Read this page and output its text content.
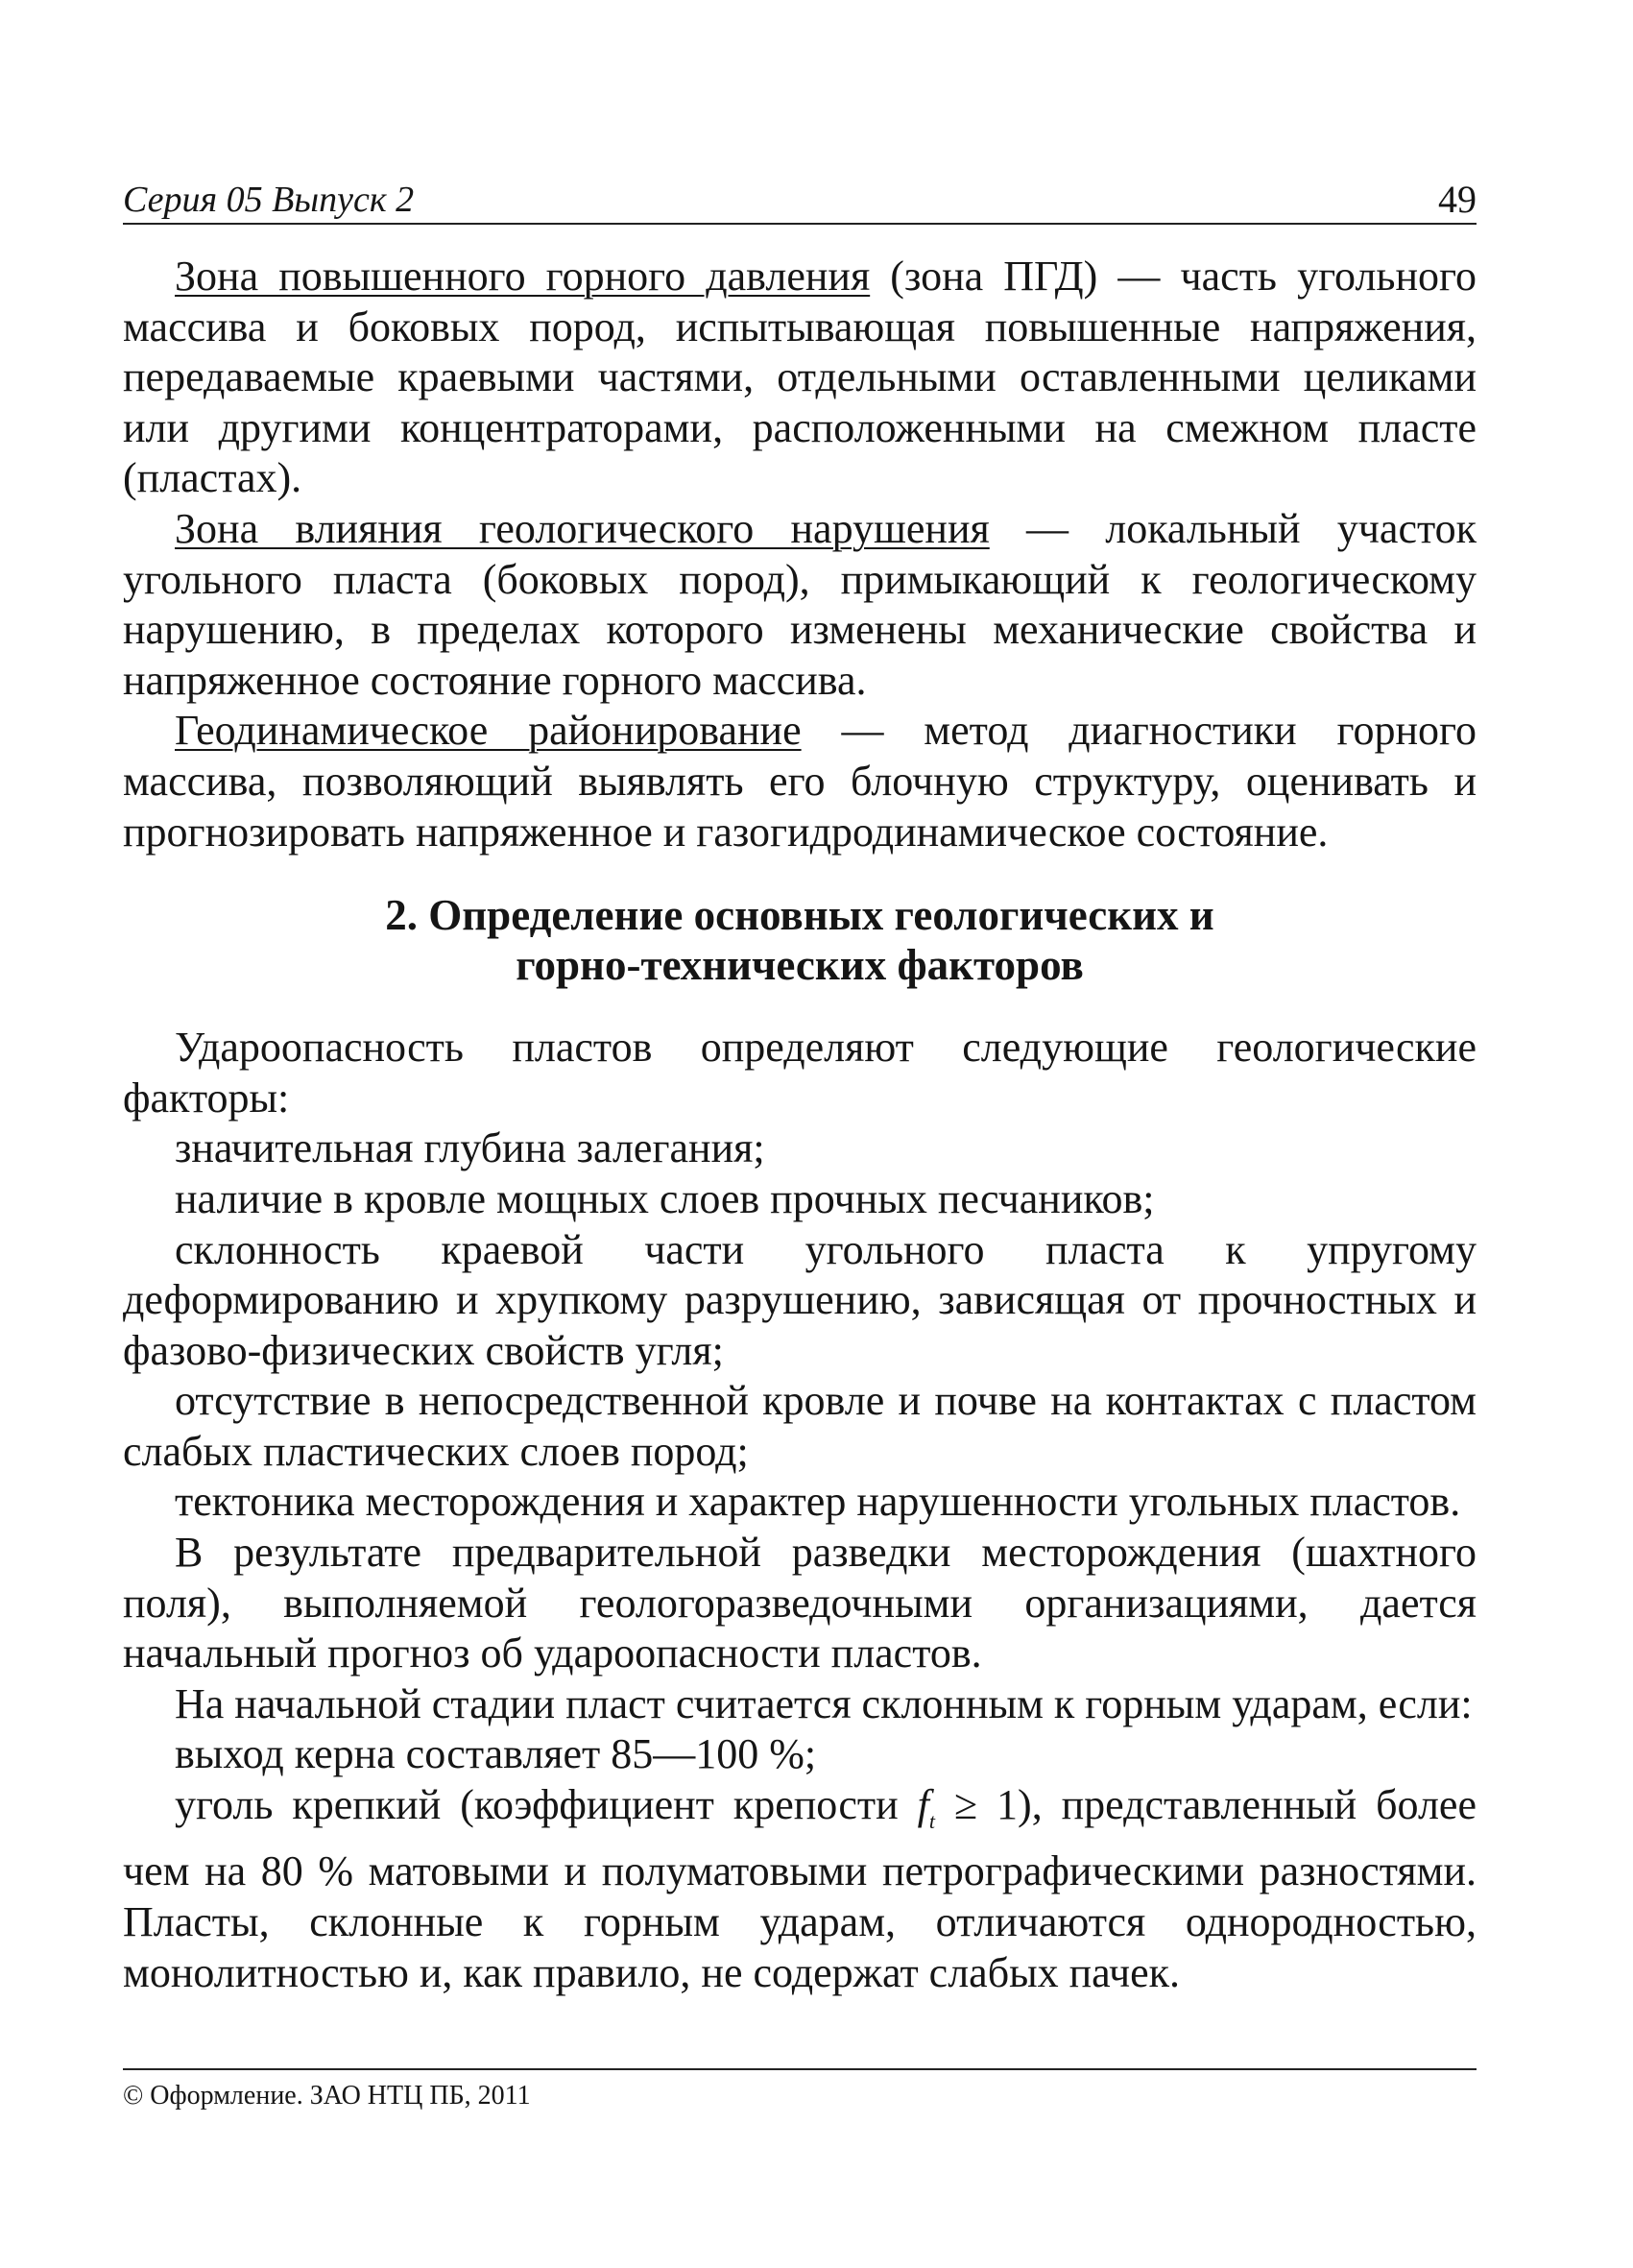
Серия 05 Выпуск 2	49

Зона повышенного горного давления (зона ПГД) — часть угольного массива и боковых пород, испытывающая повышенные напряжения, передаваемые краевыми частями, отдельными оставленными целиками или другими концентраторами, расположенными на смежном пласте (пластах).

Зона влияния геологического нарушения — локальный участок угольного пласта (боковых пород), примыкающий к геологическому нарушению, в пределах которого изменены механические свойства и напряженное состояние горного массива.

Геодинамическое районирование — метод диагностики горного массива, позволяющий выявлять его блочную структуру, оценивать и прогнозировать напряженное и газогидродинамическое состояние.

2. Определение основных геологических и
горно-технических факторов

Удароопасность пластов определяют следующие геологические факторы:

значительная глубина залегания;

наличие в кровле мощных слоев прочных песчаников;

склонность краевой части угольного пласта к упругому деформированию и хрупкому разрушению, зависящая от прочностных и фазово-физических свойств угля;

отсутствие в непосредственной кровле и почве на контактах с пластом слабых пластических слоев пород;

тектоника месторождения и характер нарушенности угольных пластов.

В результате предварительной разведки месторождения (шахтного поля), выполняемой геологоразведочными организациями, дается начальный прогноз об удароопасности пластов.

На начальной стадии пласт считается склонным к горным ударам, если:

выход керна составляет 85—100 %;

уголь крепкий (коэффициент крепости $f_t \ge 1$), представленный более чем на 80 % матовыми и полуматовыми петрографическими разностями. Пласты, склонные к горным ударам, отличаются однородностью, монолитностью и, как правило, не содержат слабых пачек.

© Оформление. ЗАО НТЦ ПБ, 2011
